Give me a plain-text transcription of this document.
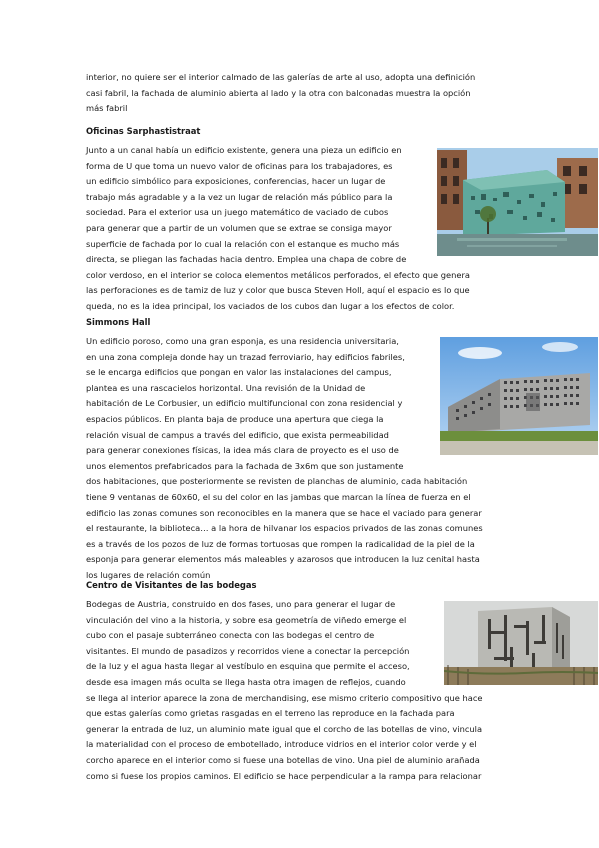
interior, no quiere ser el interior calmado de las galerías de arte al uso, adopta una definición
casi fabril, la fachada de aluminio abierta al lado y la otra con balconadas muestra la opción
más fabril
Oficinas Sarphastistraat
Junto a un canal había un edificio existente, genera una pieza un edificio en
forma de U que toma un nuevo valor de oficinas para los trabajadores, es
un edificio simbólico para exposiciones, conferencias, hacer un lugar de
trabajo más agradable y a la vez un lugar de relación más público para la
sociedad. Para el exterior usa un juego matemático de vaciado de cubos
para generar que a partir de un volumen que se extrae se consiga mayor
superficie de fachada por lo cual la relación con el estanque es mucho más
directa, se pliegan las fachadas hacia dentro. Emplea una chapa de cobre de
color verdoso, en el interior se coloca elementos metálicos perforados, el efecto que genera
las perforaciones es de tamiz de luz y color que busca Steven Holl, aquí el espacio es lo que
queda, no es la idea principal, los vaciados de los cubos dan lugar a los efectos de color.
Simmons Hall
Un edificio poroso, como una gran esponja, es una residencia universitaria,
en una zona compleja donde hay un trazad ferroviario, hay edificios fabriles,
se le encarga edificios que pongan en valor las instalaciones del campus,
plantea es una rascacielos horizontal. Una revisión de la Unidad de
habitación de Le Corbusier, un edificio multifuncional con zona residencial y
espacios públicos. En planta baja de produce una apertura que ciega la
relación visual de campus a través del edificio, que exista permeabilidad
para generar conexiones físicas, la idea más clara de proyecto es el uso de
unos elementos prefabricados para la fachada de 3x6m que son justamente
dos habitaciones, que posteriormente se revisten de planchas de aluminio, cada habitación
tiene 9 ventanas de 60x60, el su del color en las jambas que marcan la línea de fuerza en el
edificio las zonas comunes son reconocibles en la manera que se hace el vaciado para generar
el restaurante, la biblioteca… a la hora de hilvanar los espacios privados de las zonas comunes
es a través de los pozos de luz de formas tortuosas que rompen la radicalidad de la piel de la
esponja para generar elementos más maleables y azarosos que introducen la luz cenital hasta
los lugares de relación común
Centro de Visitantes de las bodegas
Bodegas de Austria, construido en dos fases, uno para generar el lugar de
vinculación del vino a la historia, y sobre esa geometría de viñedo emerge el
cubo con el pasaje subterráneo conecta con las bodegas el centro de
visitantes. El mundo de pasadizos y recorridos viene a conectar la percepción
de la luz y el agua hasta llegar al vestíbulo en esquina que permite el acceso,
desde esa imagen más oculta se llega hasta otra imagen de reflejos, cuando
se llega al interior aparece la zona de merchandising, ese mismo criterio compositivo que hace
que estas galerías como grietas rasgadas en el terreno las reproduce en la fachada para
generar la entrada de luz, un aluminio mate igual que el corcho de las botellas de vino, vincula
la materialidad con el proceso de embotellado, introduce vidrios en el interior color verde y el
corcho aparece en el interior como si fuese una botellas de vino. Una piel de aluminio arañada
como si fuese los propios caminos. El edificio se hace perpendicular a la rampa para relacionar
